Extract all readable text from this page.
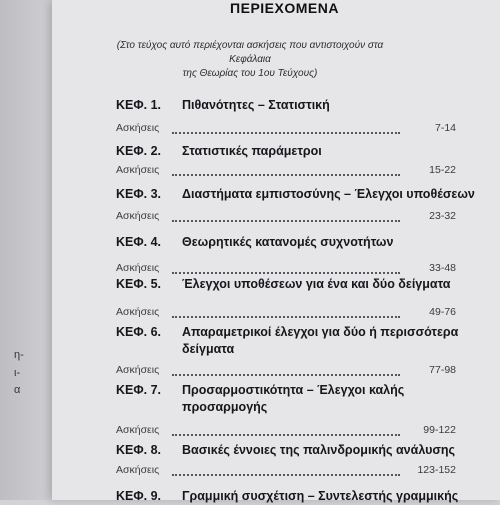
η-
ι-
α
ΠΕΡΙΕΧΟΜΕΝΑ
(Στο τεύχος αυτό περιέχονται ασκήσεις που αντιστοιχούν στα Κεφάλαια
της Θεωρίας του 1ου Τεύχους)
ΚΕΦ. 1. Πιθανότητες – Στατιστική
Ασκήσεις	7-14
ΚΕΦ. 2. Στατιστικές παράμετροι
Ασκήσεις	15-22
ΚΕΦ. 3. Διαστήματα εμπιστοσύνης – Έλεγχοι υποθέσεων
Ασκήσεις	23-32
ΚΕΦ. 4. Θεωρητικές κατανομές συχνοτήτων
Ασκήσεις	33-48
ΚΕΦ. 5. Έλεγχοι υποθέσεων για ένα και δύο δείγματα
Ασκήσεις	49-76
ΚΕΦ. 6. Απαραμετρικοί έλεγχοι για δύο ή περισσότερα
δείγματα
Ασκήσεις	77-98
ΚΕΦ. 7. Προσαρμοστικότητα – Έλεγχοι καλής
προσαρμογής
Ασκήσεις	99-122
ΚΕΦ. 8. Βασικές έννοιες της παλινδρομικής ανάλυσης
Ασκήσεις	123-152
ΚΕΦ. 9. Γραμμική συσχέτιση – Συντελεστής γραμμικής
